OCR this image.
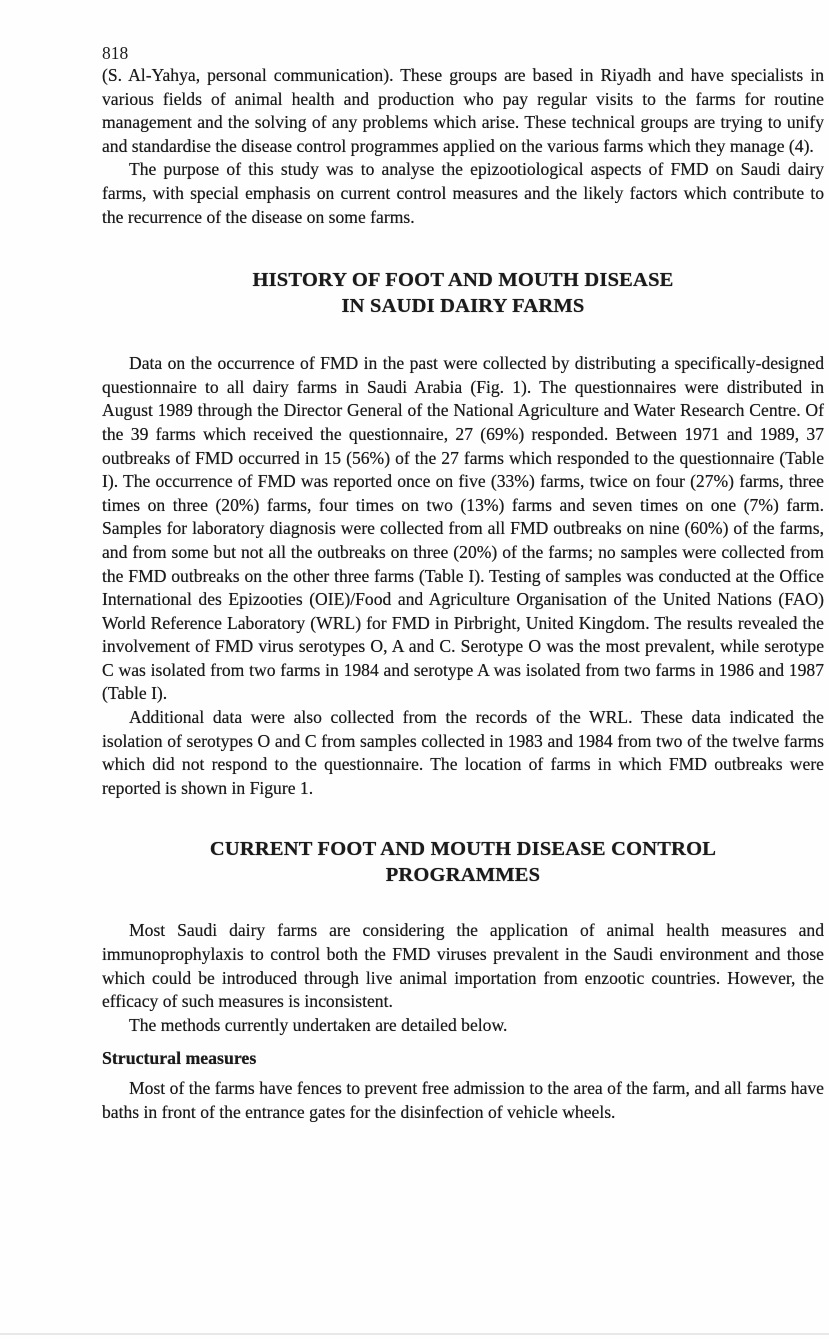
818

(S. Al-Yahya, personal communication). These groups are based in Riyadh and have specialists in various fields of animal health and production who pay regular visits to the farms for routine management and the solving of any problems which arise. These technical groups are trying to unify and standardise the disease control programmes applied on the various farms which they manage (4).

The purpose of this study was to analyse the epizootiological aspects of FMD on Saudi dairy farms, with special emphasis on current control measures and the likely factors which contribute to the recurrence of the disease on some farms.

HISTORY OF FOOT AND MOUTH DISEASE
IN SAUDI DAIRY FARMS

Data on the occurrence of FMD in the past were collected by distributing a specifically-designed questionnaire to all dairy farms in Saudi Arabia (Fig. 1). The questionnaires were distributed in August 1989 through the Director General of the National Agriculture and Water Research Centre. Of the 39 farms which received the questionnaire, 27 (69%) responded. Between 1971 and 1989, 37 outbreaks of FMD occurred in 15 (56%) of the 27 farms which responded to the questionnaire (Table I). The occurrence of FMD was reported once on five (33%) farms, twice on four (27%) farms, three times on three (20%) farms, four times on two (13%) farms and seven times on one (7%) farm. Samples for laboratory diagnosis were collected from all FMD outbreaks on nine (60%) of the farms, and from some but not all the outbreaks on three (20%) of the farms; no samples were collected from the FMD outbreaks on the other three farms (Table I). Testing of samples was conducted at the Office International des Epizooties (OIE)/Food and Agriculture Organisation of the United Nations (FAO) World Reference Laboratory (WRL) for FMD in Pirbright, United Kingdom. The results revealed the involvement of FMD virus serotypes O, A and C. Serotype O was the most prevalent, while serotype C was isolated from two farms in 1984 and serotype A was isolated from two farms in 1986 and 1987 (Table I).

Additional data were also collected from the records of the WRL. These data indicated the isolation of serotypes O and C from samples collected in 1983 and 1984 from two of the twelve farms which did not respond to the questionnaire. The location of farms in which FMD outbreaks were reported is shown in Figure 1.

CURRENT FOOT AND MOUTH DISEASE CONTROL
PROGRAMMES

Most Saudi dairy farms are considering the application of animal health measures and immunoprophylaxis to control both the FMD viruses prevalent in the Saudi environment and those which could be introduced through live animal importation from enzootic countries. However, the efficacy of such measures is inconsistent.

The methods currently undertaken are detailed below.

Structural measures

Most of the farms have fences to prevent free admission to the area of the farm, and all farms have baths in front of the entrance gates for the disinfection of vehicle wheels.
